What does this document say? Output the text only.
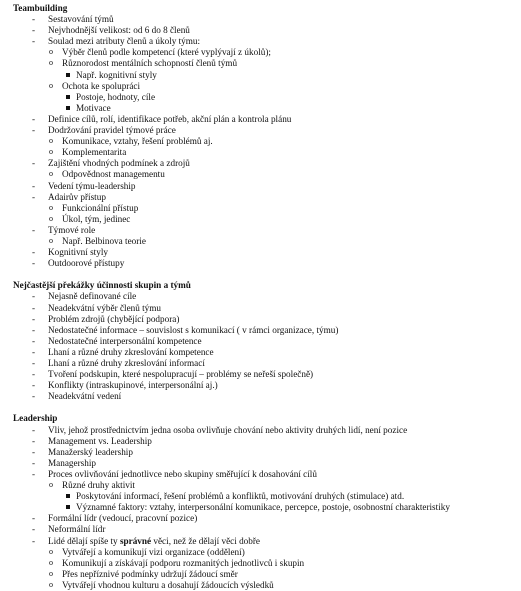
Teambuilding
- Sestavování týmů
- Nejvhodnější velikost: od 6 do 8 členů
- Soulad mezi atributy členů a úkoly týmu:
o Výběr členů podle kompetencí (které vyplývají z úkolů);
o Různorodost mentálních schopností členů týmů
Např. kognitivní styly
o Ochota ke spolupráci
Postoje, hodnoty, cíle
Motivace
- Definice cílů, rolí, identifikace potřeb, akční plán a kontrola plánu
- Dodržování pravidel týmové práce
o Komunikace, vztahy, řešení problémů aj.
o Komplementarita
- Zajištění vhodných podmínek a zdrojů
o Odpovědnost managementu
- Vedení týmu-leadership
- Adairův přístup
o Funkcionální přístup
o Úkol, tým, jedinec
- Týmové role
o Např. Belbinova teorie
- Kognitivní styly
- Outdoorové přístupy
Nejčastější překážky účinnosti skupin a týmů
- Nejasně definované cíle
- Neadekvátní výběr členů týmu
- Problém zdrojů (chybějící podpora)
- Nedostatečné informace – souvislost s komunikací ( v rámci organizace, týmu)
- Nedostatečné interpersonální kompetence
- Lhaní a různé druhy zkreslování kompetence
- Lhaní a různé druhy zkreslování informací
- Tvoření podskupin, které nespolupracují – problémy se neřeší společně)
- Konflikty (intraskupinové, interpersonální aj.)
- Neadekvátní vedení
Leadership
- Vliv, jehož prostřednictvím jedna osoba ovlivňuje chování nebo aktivity druhých lidí, není pozice
- Management vs. Leadership
- Manažerský leadership
- Managership
- Proces ovlivňování jednotlivce nebo skupiny směřující k dosahování cílů
o Různé druhy aktivit
Poskytování informací, řešení problémů a konfliktů, motivování druhých (stimulace) atd.
Významné faktory: vztahy, interpersonální komunikace, percepce, postoje, osobnostní charakteristiky
- Formální lídr (vedoucí, pracovní pozice)
- Neformální lídr
- Lidé dělají spíše ty správné věci, než že dělají věci dobře
o Vytvářejí a komunikují vizi organizace (oddělení)
o Komunikují a získávají podporu rozmanitých jednotlivců i skupin
o Přes nepříznivé podmínky udržují žádoucí směr
o Vytvářejí vhodnou kulturu a dosahují žádoucích výsledků
